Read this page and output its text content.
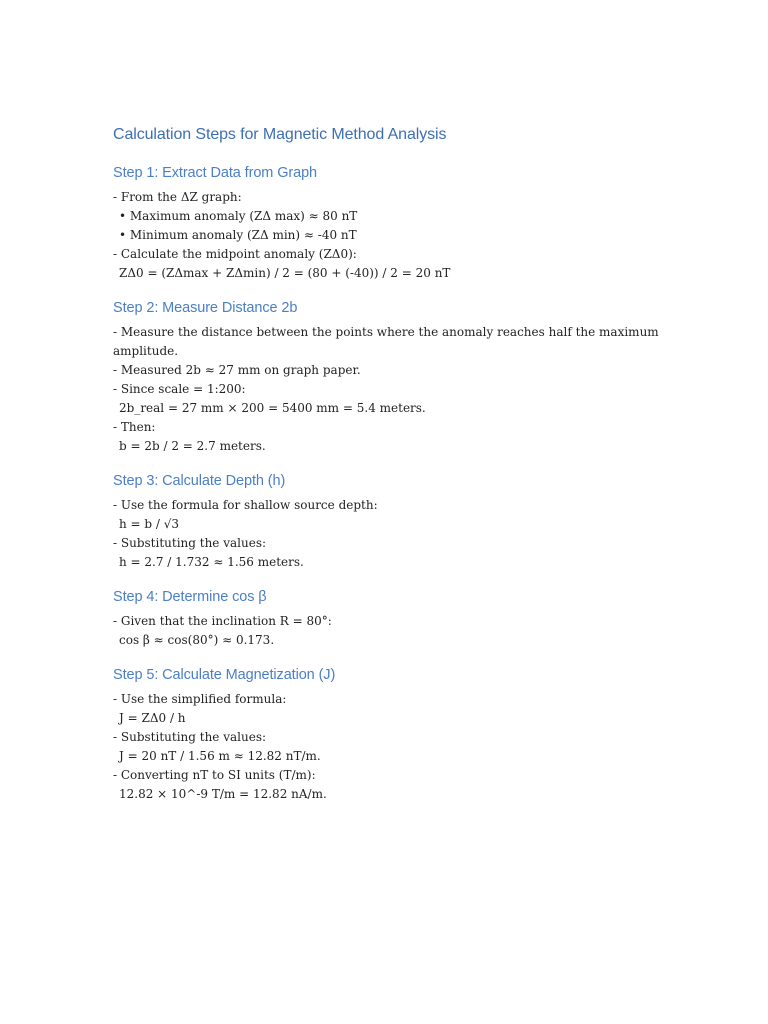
Calculation Steps for Magnetic Method Analysis
Step 1: Extract Data from Graph

- From the ΔZ graph:

• Maximum anomaly (ZΔ max) ≈ 80 nT

• Minimum anomaly (ZΔ min) ≈ -40 nT

- Calculate the midpoint anomaly (ZΔ0):

ZΔ0 = (ZΔmax + ZΔmin) / 2 = (80 + (-40)) / 2 = 20 nT

Step 2: Measure Distance 2b

- Measure the distance between the points where the anomaly reaches half the maximum amplitude.

- Measured 2b ≈ 27 mm on graph paper.

- Since scale = 1:200:

2b_real = 27 mm × 200 = 5400 mm = 5.4 meters.

- Then:

b = 2b / 2 = 2.7 meters.

Step 3: Calculate Depth (h)

- Use the formula for shallow source depth:

h = b / √3

- Substituting the values:

h = 2.7 / 1.732 ≈ 1.56 meters.

Step 4: Determine cos β

- Given that the inclination R = 80°:

cos β ≈ cos(80°) ≈ 0.173.

Step 5: Calculate Magnetization (J)

- Use the simplified formula:

J = ZΔ0 / h

- Substituting the values:

J = 20 nT / 1.56 m ≈ 12.82 nT/m.

- Converting nT to SI units (T/m):

12.82 × 10^-9 T/m = 12.82 nA/m.
